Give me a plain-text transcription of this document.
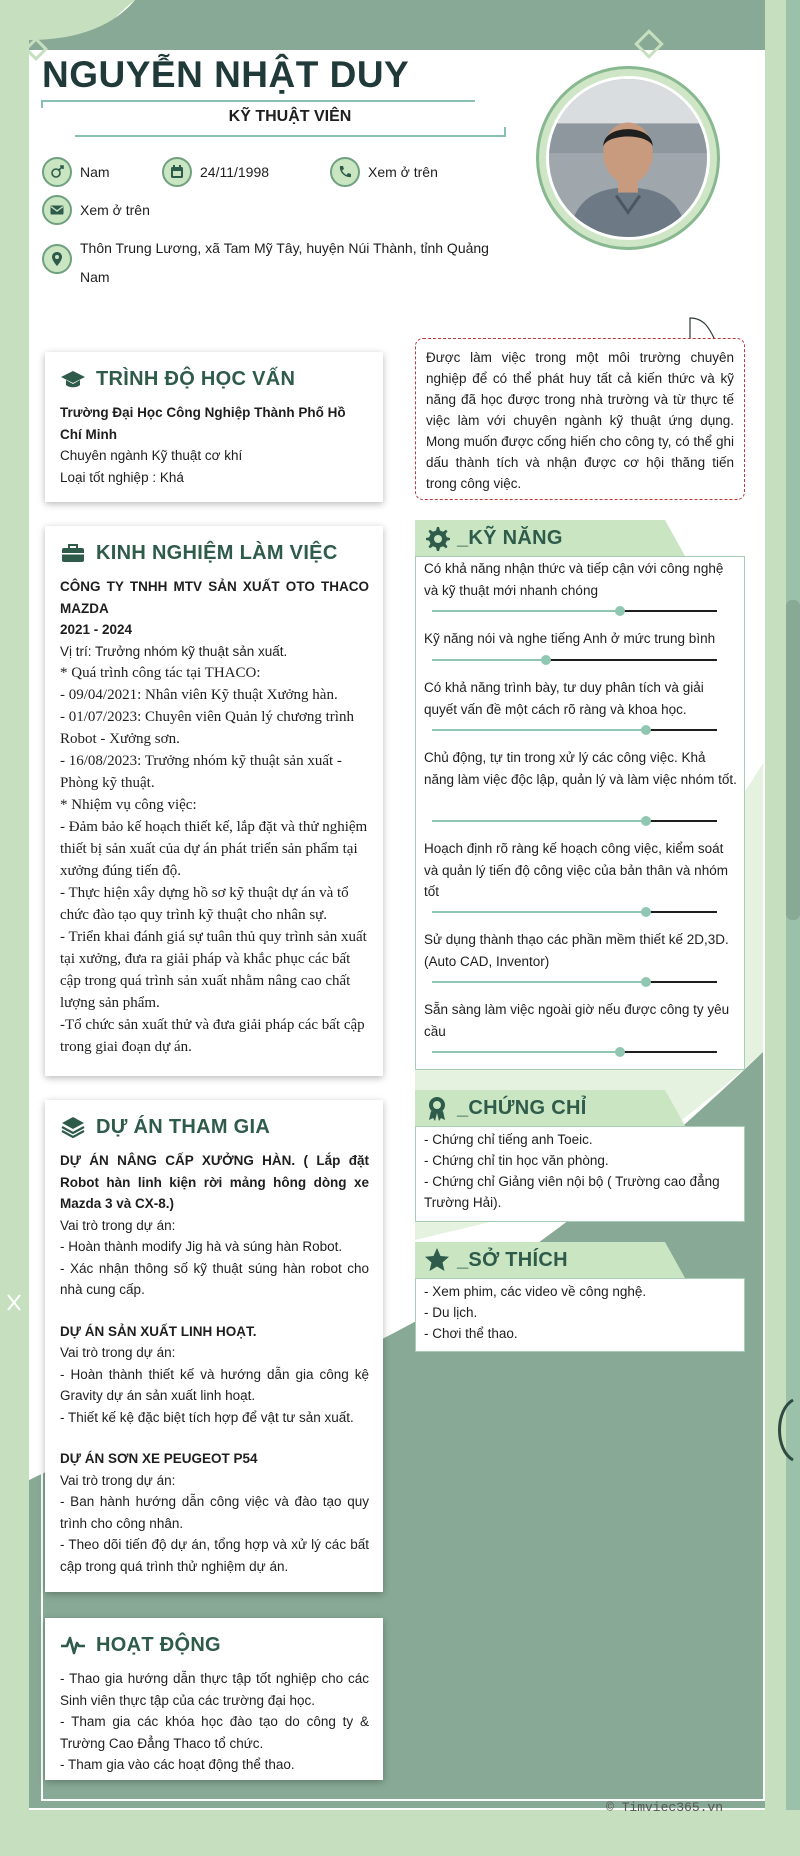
NGUYỄN NHẬT DUY
KỸ THUẬT VIÊN
Nam	24/11/1998	Xem ở trên
Xem ở trên
Thôn Trung Lương, xã Tam Mỹ Tây, huyện Núi Thành, tỉnh Quảng Nam
Được làm việc trong một môi trường chuyên nghiệp để có thể phát huy tất cả kiến thức và kỹ năng đã học được trong nhà trường và từ thực tế việc làm với chuyên ngành kỹ thuật ứng dụng. Mong muốn được cống hiến cho công ty, có thể ghi dấu thành tích và nhận được cơ hội thăng tiến trong công việc.
TRÌNH ĐỘ HỌC VẤN

Trường Đại Học Công Nghiệp Thành Phố Hồ Chí Minh

Chuyên ngành Kỹ thuật cơ khí

Loại tốt nghiệp : Khá

KINH NGHIỆM LÀM VIỆC

CÔNG TY TNHH MTV SẢN XUẤT OTO THACO MAZDA

2021 - 2024

Vị trí: Trưởng nhóm kỹ thuật sản xuất.

* Quá trình công tác tại THACO:

- 09/04/2021: Nhân viên Kỹ thuật Xưởng hàn.

- 01/07/2023: Chuyên viên Quản lý chương trình Robot - Xưởng sơn.

- 16/08/2023: Trưởng nhóm kỹ thuật sản xuất - Phòng kỹ thuật.

* Nhiệm vụ công việc:

- Đảm bảo kế hoạch thiết kế, lắp đặt và thử nghiệm thiết bị sản xuất của dự án phát triển sản phẩm tại xưởng đúng tiến độ.

- Thực hiện xây dựng hồ sơ kỹ thuật dự án và tổ chức đào tạo quy trình kỹ thuật cho nhân sự.

- Triển khai đánh giá sự tuân thủ quy trình sản xuất tại xưởng, đưa ra giải pháp và khắc phục các bất cập trong quá trình sản xuất nhằm nâng cao chất lượng sản phẩm.

-Tổ chức sản xuất thử và đưa giải pháp các bất cập trong giai đoạn dự án.

DỰ ÁN THAM GIA

DỰ ÁN NÂNG CẤP XƯỞNG HÀN. ( Lắp đặt Robot hàn linh kiện rời mảng hông dòng xe Mazda 3 và CX-8.)

Vai trò trong dự án:

- Hoàn thành modify Jig hà và súng hàn Robot.

- Xác nhận thông số kỹ thuật súng hàn robot cho nhà cung cấp.

DỰ ÁN SẢN XUẤT LINH HOẠT.

Vai trò trong dự án:

- Hoàn thành thiết kế và hướng dẫn gia công kệ Gravity dự án sản xuất linh hoạt.

- Thiết kế kệ đặc biệt tích hợp để vật tư sản xuất.

DỰ ÁN SƠN XE PEUGEOT P54

Vai trò trong dự án:

- Ban hành hướng dẫn công việc và đào tạo quy trình cho công nhân.

- Theo dõi tiến độ dự án, tổng hợp và xử lý các bất cập trong quá trình thử nghiệm dự án.

HOẠT ĐỘNG

- Thao gia hướng dẫn thực tập tốt nghiệp cho các Sinh viên thực tập của các trường đại học.

- Tham gia các khóa học đào tạo do công ty & Trường Cao Đẳng Thaco tổ chức.

- Tham gia vào các hoạt động thể thao.

_KỸ NĂNG

Có khả năng nhận thức và tiếp cận với công nghệ và kỹ thuật mới nhanh chóng

Kỹ năng nói và nghe tiếng Anh ở mức trung bình

Có khả năng trình bày, tư duy phân tích và giải quyết vấn đề một cách rõ ràng và khoa học.

Chủ động, tự tin trong xử lý các công việc. Khả năng làm việc độc lập, quản lý và làm việc nhóm tốt.

Hoạch định rõ ràng kế hoạch công việc, kiểm soát và quản lý tiến độ công việc của bản thân và nhóm tốt

Sử dụng thành thạo các phần mềm thiết kế 2D,3D. (Auto CAD, Inventor)

Sẵn sàng làm việc ngoài giờ nếu được công ty yêu cầu

_CHỨNG CHỈ

- Chứng chỉ tiếng anh Toeic.

- Chứng chỉ tin học văn phòng.

- Chứng chỉ Giảng viên nội bộ ( Trường cao đẳng Trường Hải).

_SỞ THÍCH

- Xem phim, các video về công nghệ.

- Du lịch.

- Chơi thể thao.

© Timviec365.vn
